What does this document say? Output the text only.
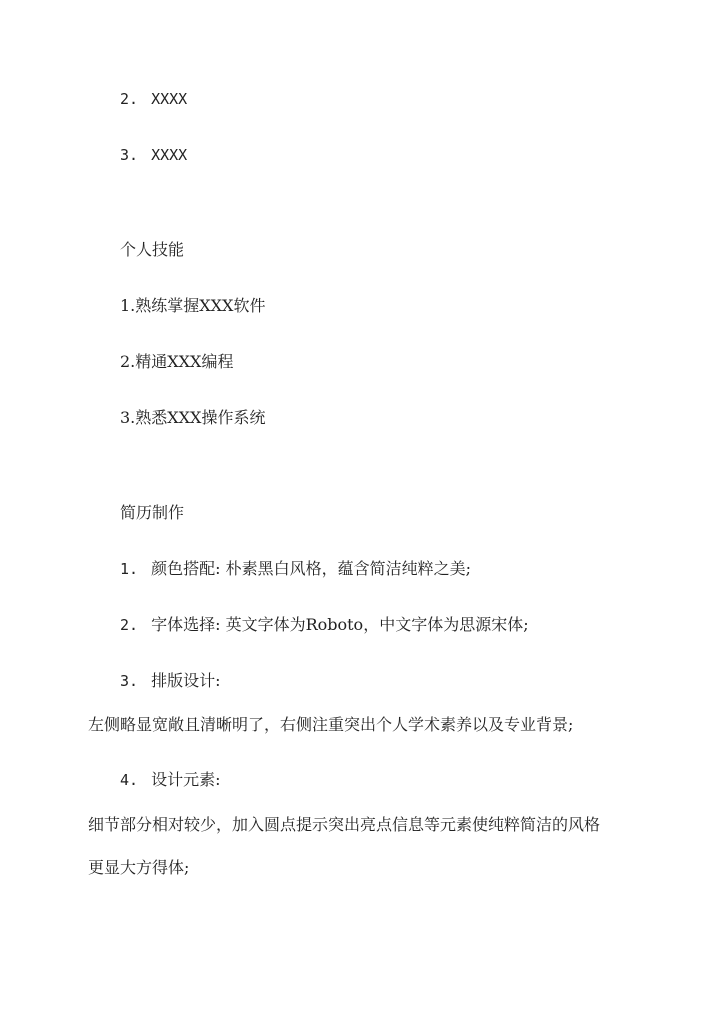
2. XXXX
3. XXXX
个人技能
1.熟练掌握XXX软件
2.精通XXX编程
3.熟悉XXX操作系统
简历制作
1. 颜色搭配: 朴素黑白风格，蕴含简洁纯粹之美;
2. 字体选择: 英文字体为Roboto，中文字体为思源宋体;
3. 排版设计:
左侧略显宽敞且清晰明了，右侧注重突出个人学术素养以及专业背景;
4. 设计元素:
细节部分相对较少，加入圆点提示突出亮点信息等元素使纯粹简洁的风格
更显大方得体;
